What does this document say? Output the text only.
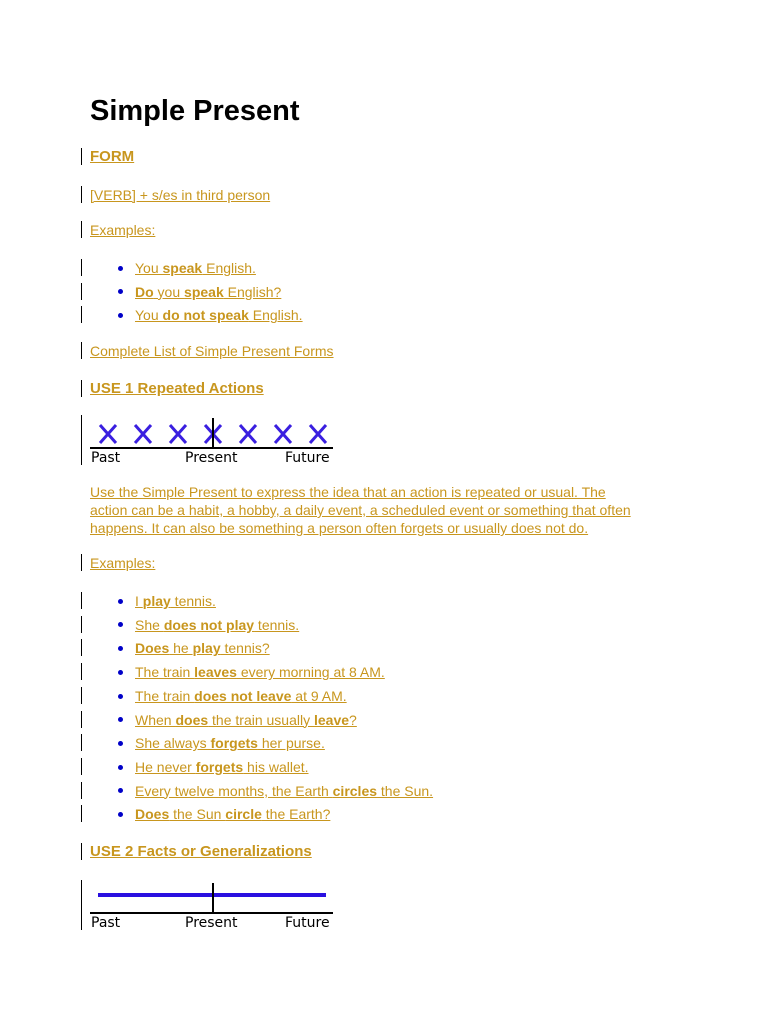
Simple Present
FORM
[VERB] + s/es in third person
Examples:
You speak English.
Do you speak English?
You do not speak English.
Complete List of Simple Present Forms
USE 1 Repeated Actions
Past	Present	Future
Use the Simple Present to express the idea that an action is repeated or usual. The
action can be a habit, a hobby, a daily event, a scheduled event or something that often
happens. It can also be something a person often forgets or usually does not do.
Examples:
I play tennis.
She does not play tennis.
Does he play tennis?
The train leaves every morning at 8 AM.
The train does not leave at 9 AM.
When does the train usually leave?
She always forgets her purse.
He never forgets his wallet.
Every twelve months, the Earth circles the Sun.
Does the Sun circle the Earth?
USE 2 Facts or Generalizations
Past	Present	Future
